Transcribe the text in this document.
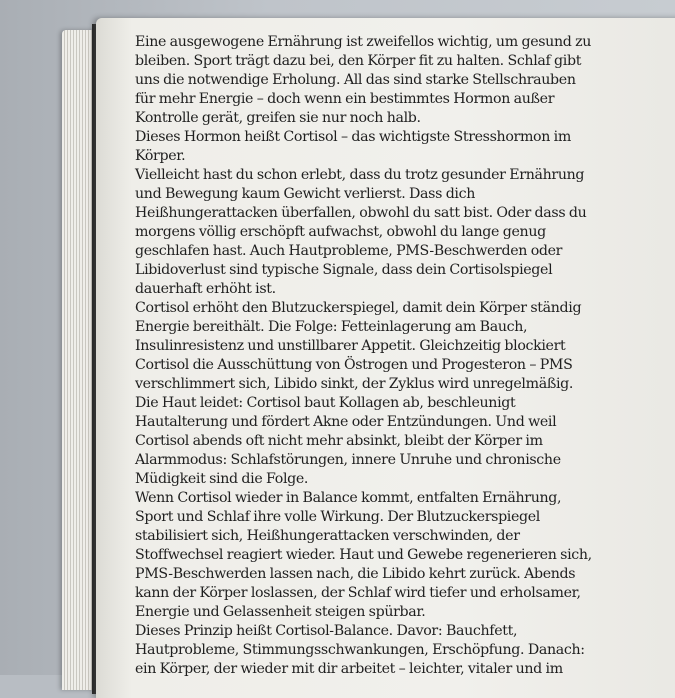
Eine ausgewogene Ernährung ist zweifellos wichtig, um gesund zu bleiben. Sport trägt dazu bei, den Körper fit zu halten. Schlaf gibt uns die notwendige Erholung. All das sind starke Stellschrauben für mehr Energie – doch wenn ein bestimmtes Hormon außer Kontrolle gerät, greifen sie nur noch halb.

Dieses Hormon heißt Cortisol – das wichtigste Stresshormon im Körper.

Vielleicht hast du schon erlebt, dass du trotz gesunder Ernährung und Bewegung kaum Gewicht verlierst. Dass dich Heißhungerattacken überfallen, obwohl du satt bist. Oder dass du morgens völlig erschöpft aufwachst, obwohl du lange genug geschlafen hast. Auch Hautprobleme, PMS-Beschwerden oder Libidoverlust sind typische Signale, dass dein Cortisolspiegel dauerhaft erhöht ist.

Cortisol erhöht den Blutzuckerspiegel, damit dein Körper ständig Energie bereithält. Die Folge: Fetteinlagerung am Bauch, Insulinresistenz und unstillbarer Appetit. Gleichzeitig blockiert Cortisol die Ausschüttung von Östrogen und Progesteron – PMS verschlimmert sich, Libido sinkt, der Zyklus wird unregelmäßig.

Die Haut leidet: Cortisol baut Kollagen ab, beschleunigt Hautalterung und fördert Akne oder Entzündungen. Und weil Cortisol abends oft nicht mehr absinkt, bleibt der Körper im Alarmmodus: Schlafstörungen, innere Unruhe und chronische Müdigkeit sind die Folge.

Wenn Cortisol wieder in Balance kommt, entfalten Ernährung, Sport und Schlaf ihre volle Wirkung. Der Blutzuckerspiegel stabilisiert sich, Heißhungerattacken verschwinden, der Stoffwechsel reagiert wieder. Haut und Gewebe regenerieren sich, PMS-Beschwerden lassen nach, die Libido kehrt zurück. Abends kann der Körper loslassen, der Schlaf wird tiefer und erholsamer, Energie und Gelassenheit steigen spürbar.

Dieses Prinzip heißt Cortisol-Balance. Davor: Bauchfett, Hautprobleme, Stimmungsschwankungen, Erschöpfung. Danach: ein Körper, der wieder mit dir arbeitet – leichter, vitaler und im
